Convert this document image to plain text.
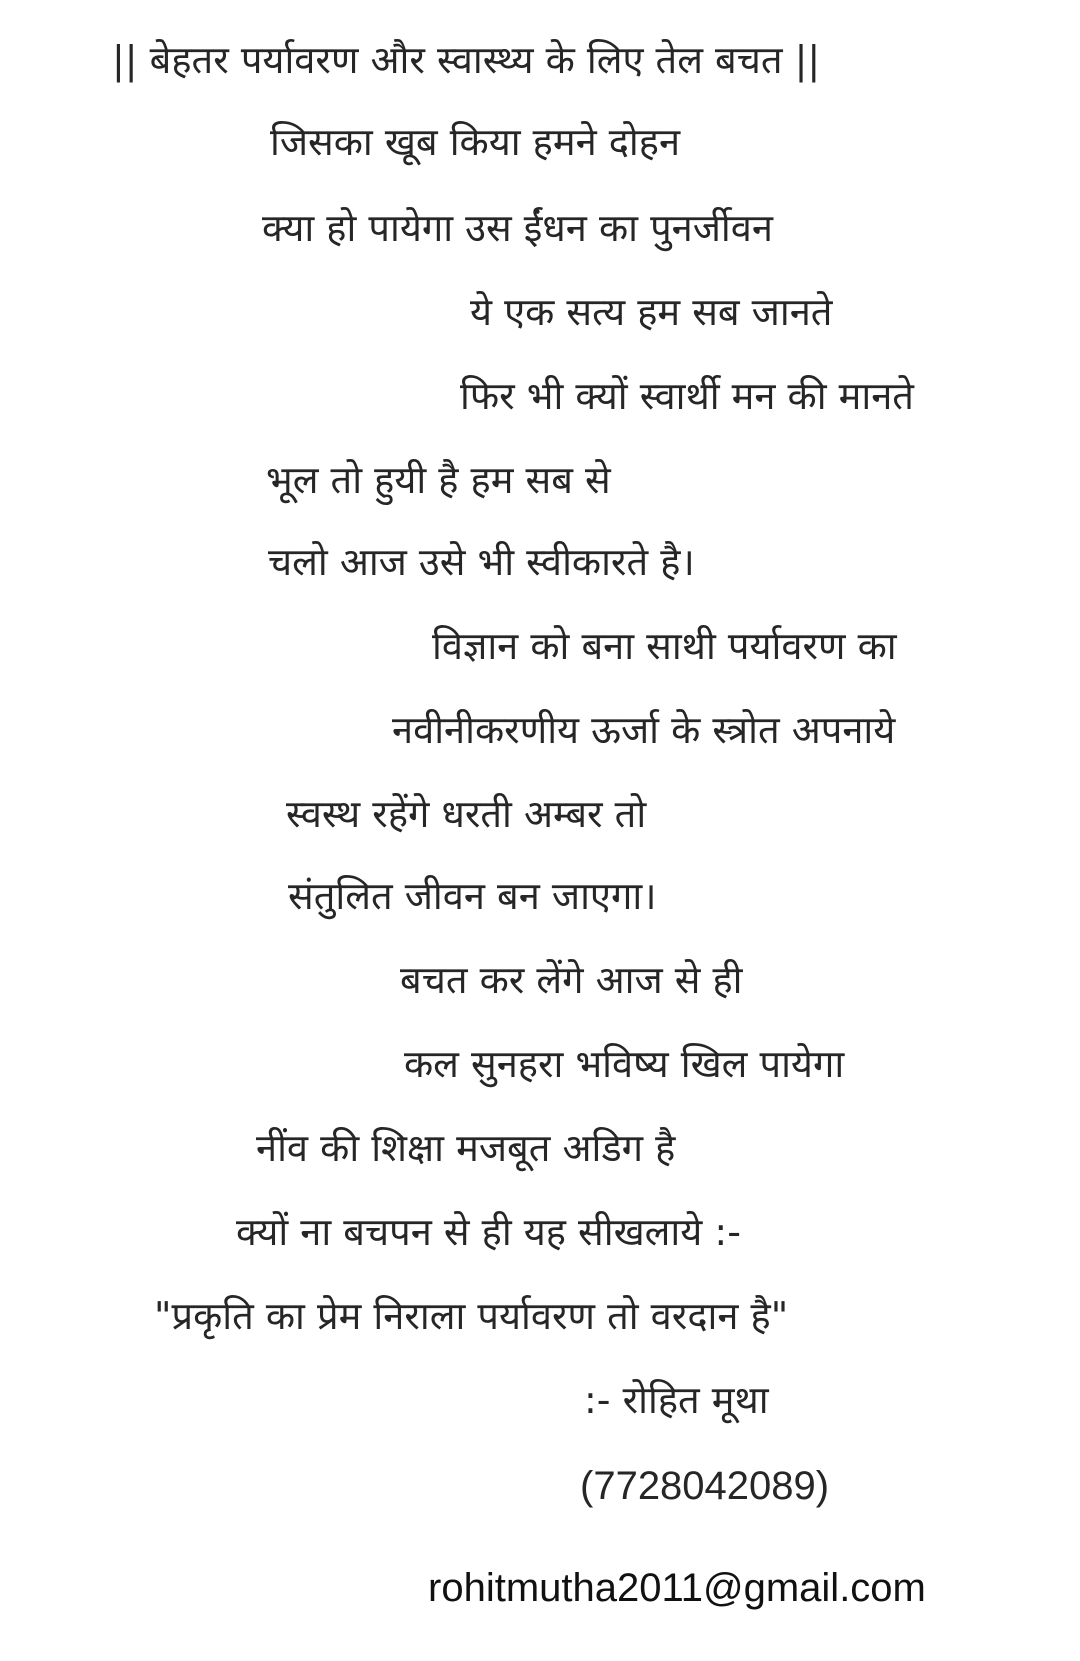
|| बेहतर पर्यावरण और स्वास्थ्य के लिए तेल बचत ||
जिसका खूब किया हमने दोहन
क्या हो पायेगा उस ईंधन का पुनर्जीवन
ये एक सत्य हम सब जानते
फिर भी क्यों स्वार्थी मन की मानते
भूल तो हुयी है हम सब से
चलो आज उसे भी स्वीकारते है।
विज्ञान को बना साथी पर्यावरण का
नवीनीकरणीय ऊर्जा के स्त्रोत अपनाये
स्वस्थ रहेंगे धरती अम्बर तो
संतुलित जीवन बन जाएगा।
बचत कर लेंगे आज से ही
कल सुनहरा भविष्य खिल पायेगा
नींव की शिक्षा मजबूत अडिग है
क्यों ना बचपन से ही यह सीखलाये :-
"प्रकृति का प्रेम निराला पर्यावरण तो वरदान है"
:- रोहित मूथा
(7728042089)
rohitmutha2011@gmail.com
